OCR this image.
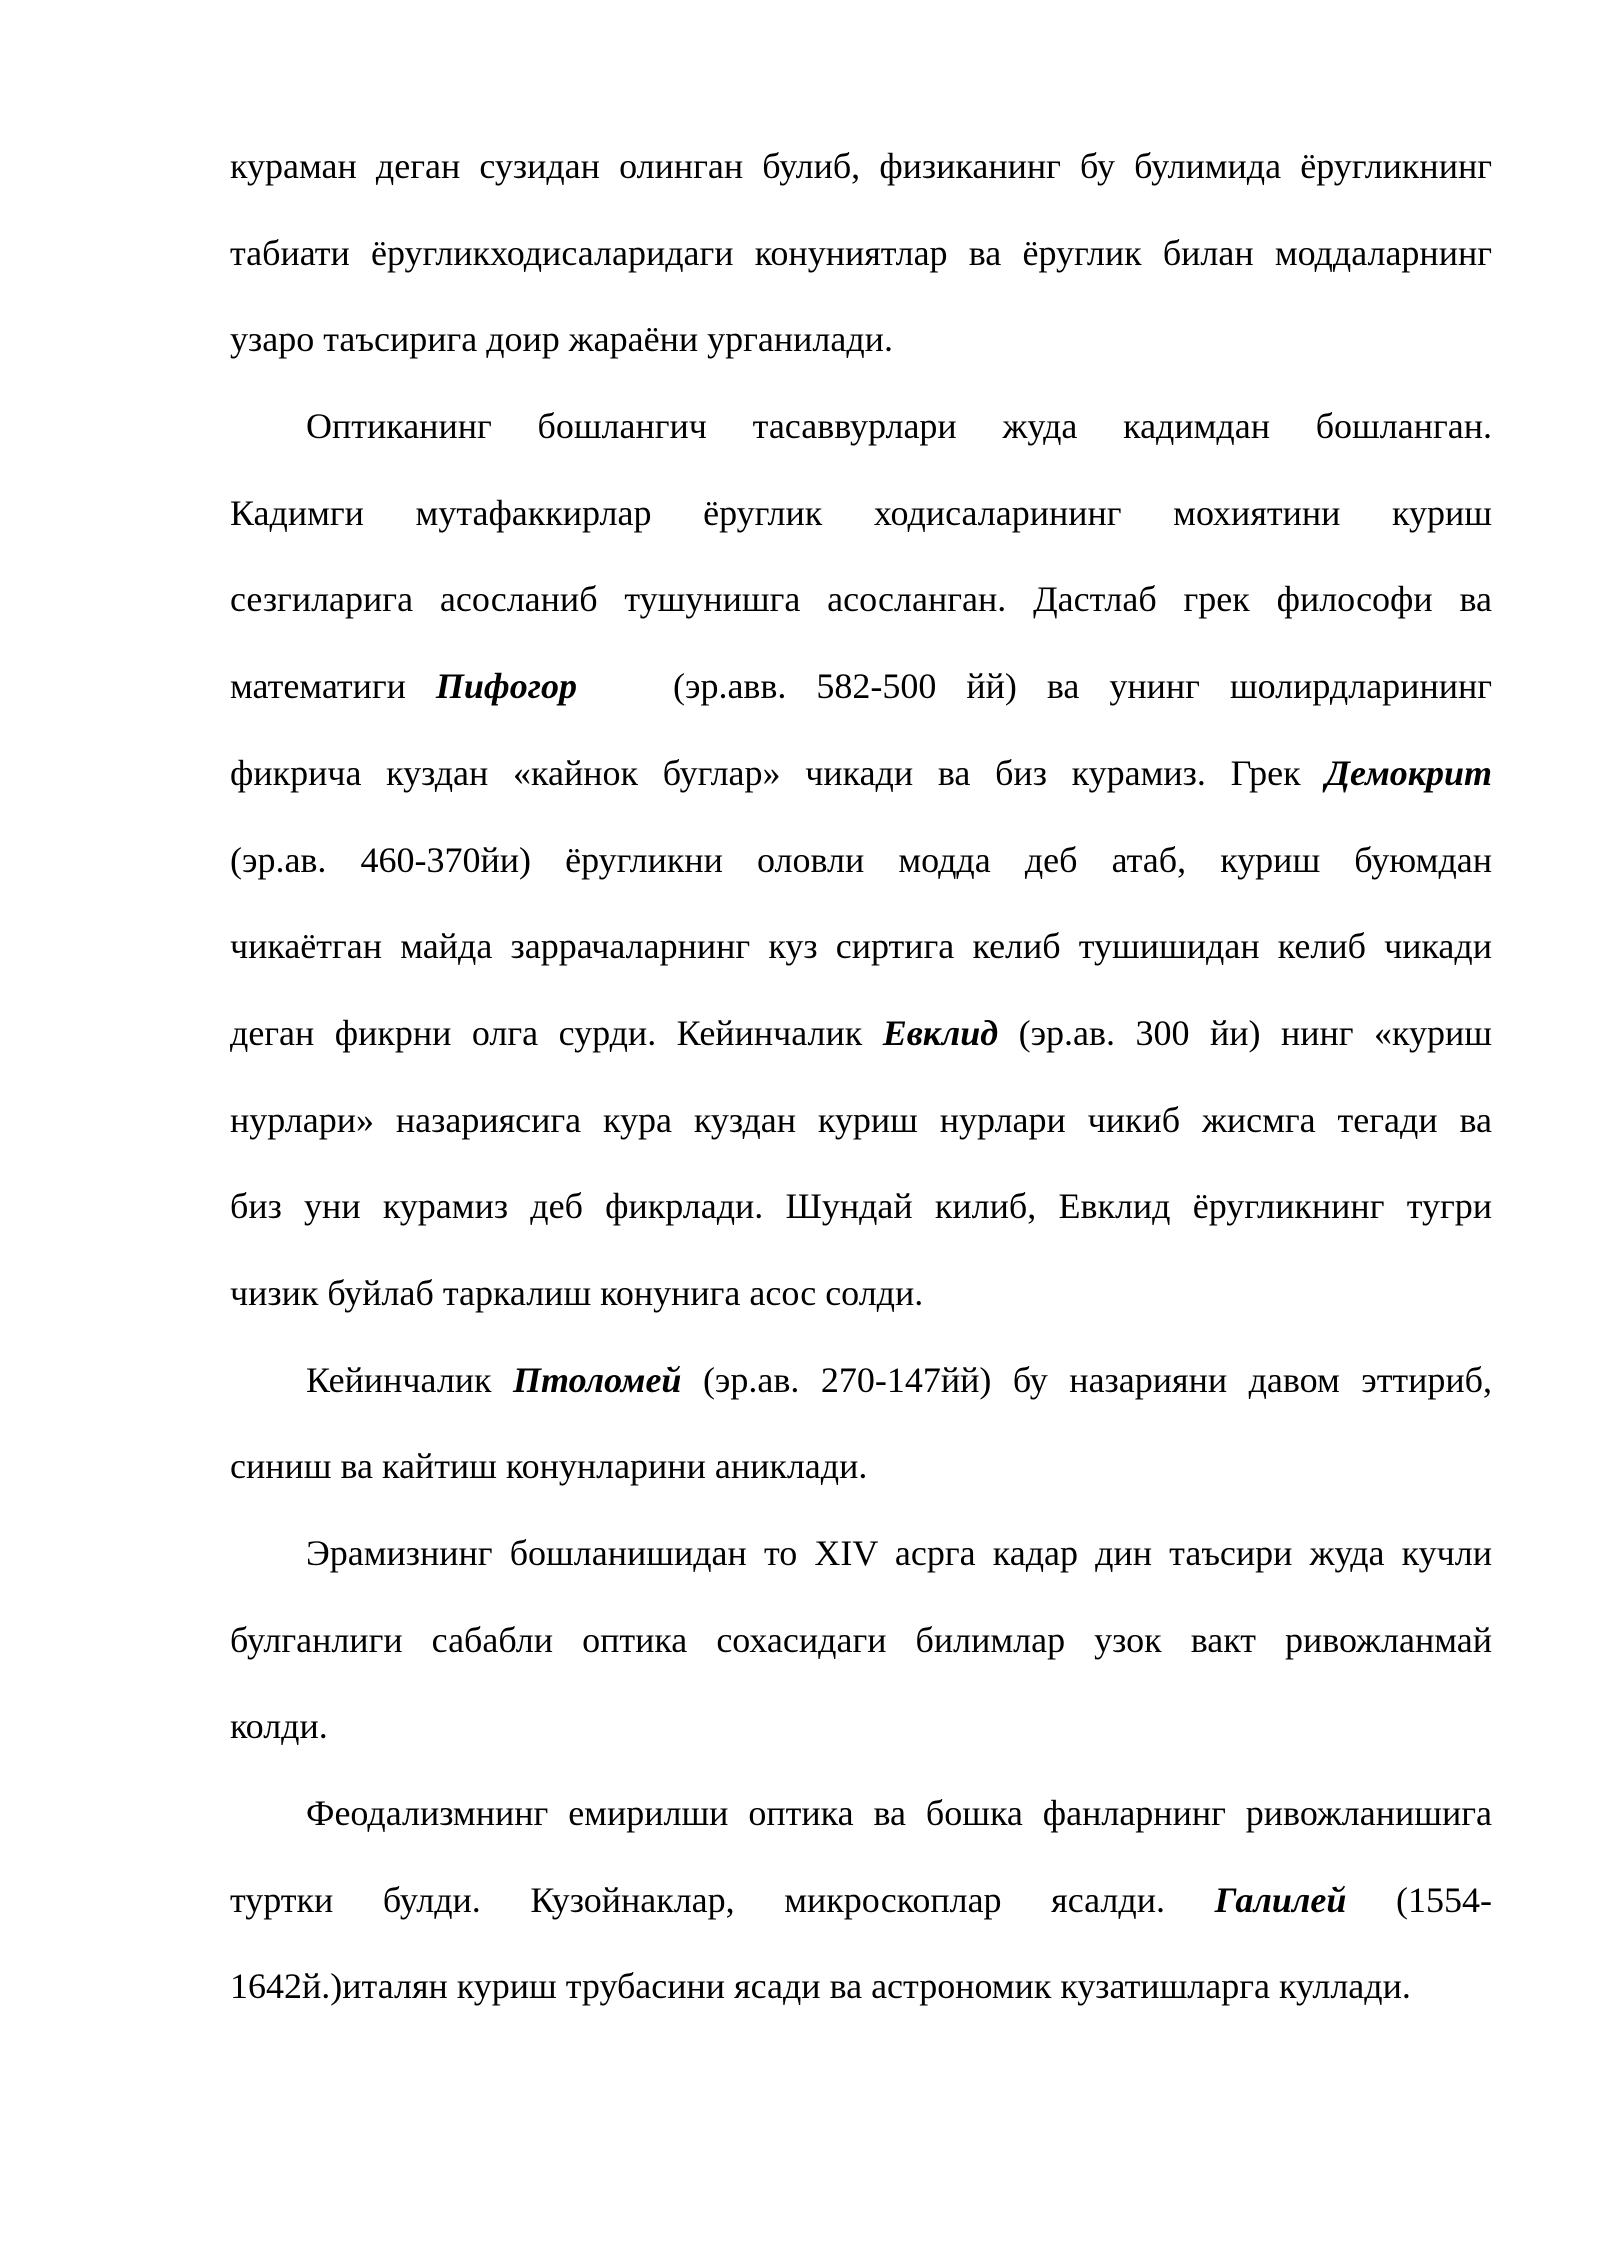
кураман деган сузидан олинган булиб, физиканинг бу булимида ёругликнинг
табиати ёругликходисаларидаги конуниятлар ва ёруглик билан моддаларнинг
узаро таъсирига доир жараёни урганилади.
Оптиканинг бошлангич тасаввурлари жуда кадимдан бошланган.
Кадимги мутафаккирлар ёруглик ходисаларининг мохиятини куриш
сезгиларига асосланиб тушунишга асосланган. Дастлаб грек философи ва
математиги Пифогор	(эр.авв. 582-500 йй) ва унинг шолирдларининг
фикрича куздан «кайнок буглар» чикади ва биз курамиз. Грек Демокрит
(эр.ав. 460-370йи) ёругликни оловли модда деб атаб, куриш буюмдан
чикаётган майда заррачаларнинг куз сиртига келиб тушишидан келиб чикади
деган фикрни олга сурди. Кейинчалик Евклид (эр.ав. 300 йи) нинг «куриш
нурлари» назариясига кура куздан куриш нурлари чикиб жисмга тегади ва
биз уни курамиз деб фикрлади. Шундай килиб, Евклид ёругликнинг тугри
чизик буйлаб таркалиш конунига асос солди.
Кейинчалик Птоломей (эр.ав. 270-147йй) бу назарияни давом эттириб,
синиш ва кайтиш конунларини аниклади.
Эрамизнинг бошланишидан то XIV асрга кадар дин таъсири жуда кучли
булганлиги сабабли оптика сохасидаги билимлар узок вакт ривожланмай
колди.
Феодализмнинг емирилши оптика ва бошка фанларнинг ривожланишига
туртки булди. Кузойнаклар, микроскоплар ясалди. Галилей (1554-
1642й.)италян куриш трубасини ясади ва астрономик кузатишларга куллади.
